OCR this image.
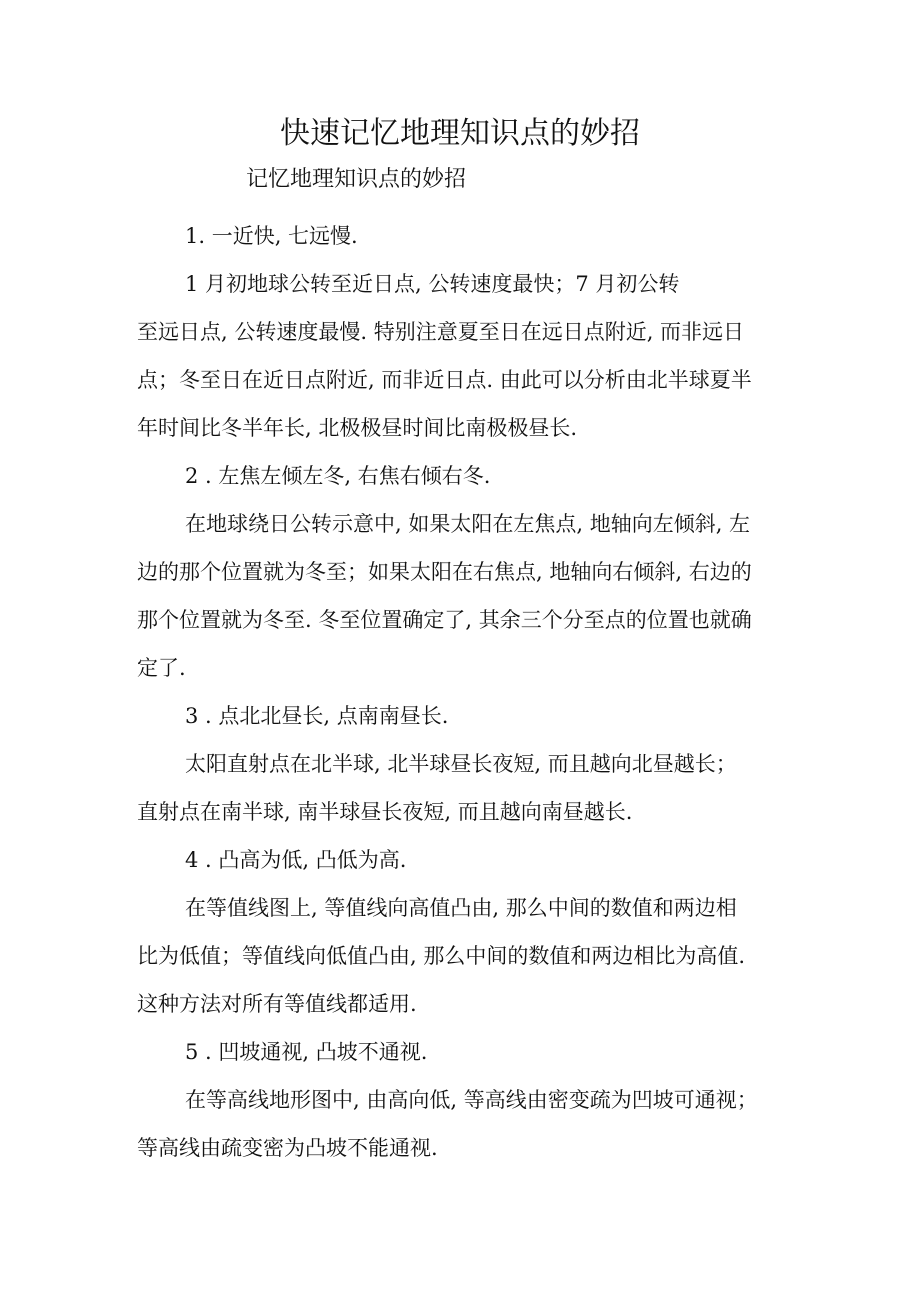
快速记忆地理知识点的妙招

记忆地理知识点的妙招

1. 一近快, 七远慢.

1 月初地球公转至近日点, 公转速度最快；7 月初公转
至远日点, 公转速度最慢. 特别注意夏至日在远日点附近, 而非远日
点；冬至日在近日点附近, 而非近日点. 由此可以分析由北半球夏半
年时间比冬半年长, 北极极昼时间比南极极昼长.

2 . 左焦左倾左冬, 右焦右倾右冬.

在地球绕日公转示意中, 如果太阳在左焦点, 地轴向左倾斜, 左
边的那个位置就为冬至；如果太阳在右焦点, 地轴向右倾斜, 右边的
那个位置就为冬至. 冬至位置确定了, 其余三个分至点的位置也就确
定了.

3 . 点北北昼长, 点南南昼长.

太阳直射点在北半球, 北半球昼长夜短, 而且越向北昼越长；
直射点在南半球, 南半球昼长夜短, 而且越向南昼越长.

4 . 凸高为低, 凸低为高.

在等值线图上, 等值线向高值凸由, 那么中间的数值和两边相
比为低值；等值线向低值凸由, 那么中间的数值和两边相比为高值.
这种方法对所有等值线都适用.

5 . 凹坡通视, 凸坡不通视.

在等高线地形图中, 由高向低, 等高线由密变疏为凹坡可通视；
等高线由疏变密为凸坡不能通视.
